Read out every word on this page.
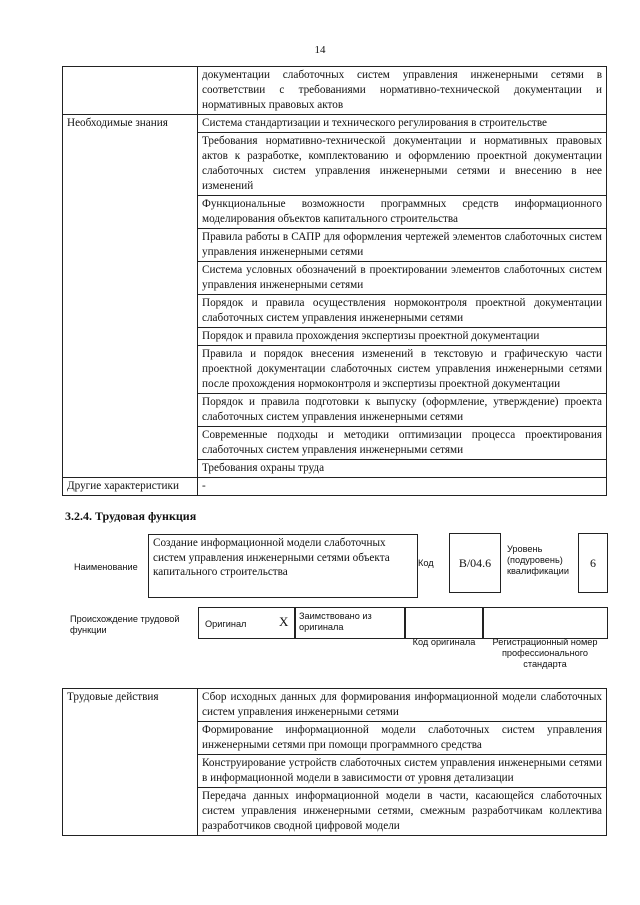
14
	документации слаботочных систем управления инженерными сетями в соответствии с требованиями нормативно-технической документации и нормативных правовых актов
Необходимые знания	Система стандартизации и технического регулирования в строительстве
	Требования нормативно-технической документации и нормативных правовых актов к разработке, комплектованию и оформлению проектной документации слаботочных систем управления инженерными сетями и внесению в нее изменений
	Функциональные возможности программных средств информационного моделирования объектов капитального строительства
	Правила работы в САПР для оформления чертежей элементов слаботочных систем управления инженерными сетями
	Система условных обозначений в проектировании элементов слаботочных систем управления инженерными сетями
	Порядок и правила осуществления нормоконтроля проектной документации слаботочных систем управления инженерными сетями
	Порядок и правила прохождения экспертизы проектной документации
	Правила и порядок внесения изменений в текстовую и графическую части проектной документации слаботочных систем управления инженерными сетями после прохождения нормоконтроля и экспертизы проектной документации
	Порядок и правила подготовки к выпуску (оформление, утверждение) проекта слаботочных систем управления инженерными сетями
	Современные подходы и методики оптимизации процесса проектирования слаботочных систем управления инженерными сетями
	Требования охраны труда
Другие характеристики	-
3.2.4. Трудовая функция
Наименование
Создание информационной модели слаботочных систем управления инженерными сетями объекта капитального строительства
Код	B/04.6
Уровень (подуровень) квалификации
6
Происхождение трудовой функции
Оригинал	X Заимствовано из оригинала
Код оригинала	Регистрационный номер профессионального стандарта
Трудовые действия	Сбор исходных данных для формирования информационной модели слаботочных систем управления инженерными сетями
Формирование информационной модели слаботочных систем управления инженерными сетями при помощи программного средства
Конструирование устройств слаботочных систем управления инженерными сетями в информационной модели в зависимости от уровня детализации
Передача данных информационной модели в части, касающейся слаботочных систем управления инженерными сетями, смежным разработчикам коллектива разработчиков сводной цифровой модели
